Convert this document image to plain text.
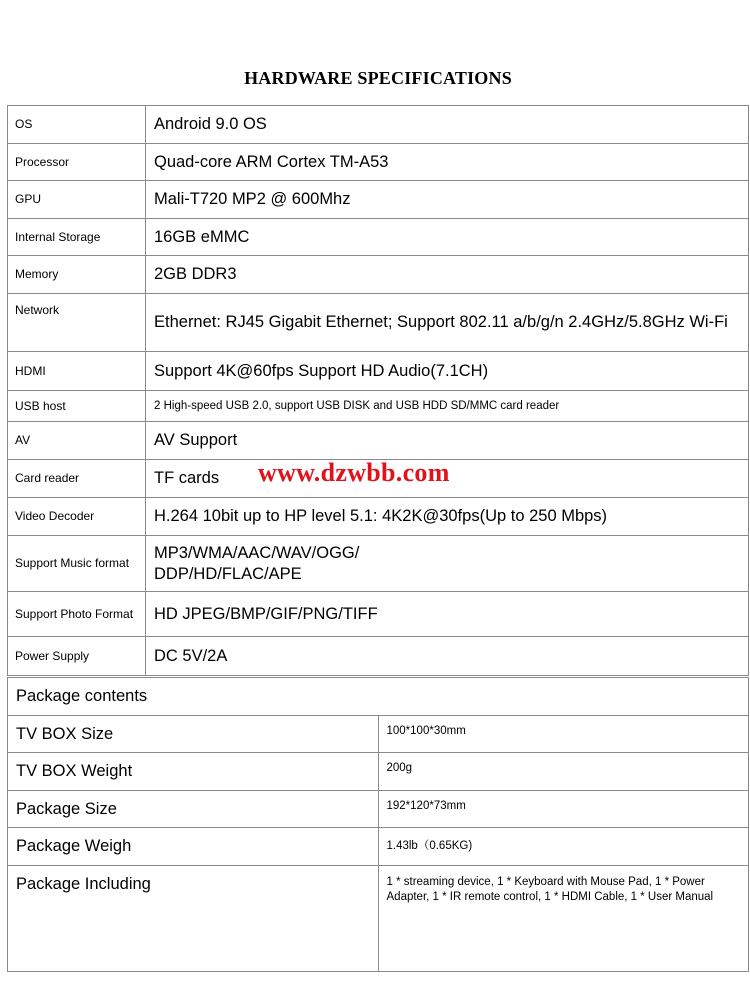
HARDWARE SPECIFICATIONS
OS	Android 9.0 OS
Processor	Quad-core ARM Cortex TM-A53
GPU	Mali-T720 MP2 @ 600Mhz
Internal Storage	16GB eMMC
Memory	2GB DDR3
Network	Ethernet: RJ45 Gigabit Ethernet; Support 802.11 a/b/g/n 2.4GHz/5.8GHz Wi-Fi
HDMI	Support 4K@60fps Support HD Audio(7.1CH)
USB host	2 High-speed USB 2.0, support USB DISK and USB HDD SD/MMC card reader
AV	AV Support
Card reader	TF cards
Video Decoder	H.264 10bit up to HP level 5.1: 4K2K@30fps(Up to 250 Mbps)
Support Music format	MP3/WMA/AAC/WAV/OGG/ DDP/HD/FLAC/APE
Support Photo Format	HD JPEG/BMP/GIF/PNG/TIFF
Power Supply	DC 5V/2A
Package contents	
TV BOX Size	100*100*30mm
TV BOX Weight	200g
Package Size	192*120*73mm
Package Weigh	1.43lb（0.65KG)
Package Including	1 * streaming device, 1 * Keyboard with Mouse Pad, 1 * Power Adapter, 1 * IR remote control, 1 * HDMI Cable, 1 * User Manual
www.dzwbb.com
